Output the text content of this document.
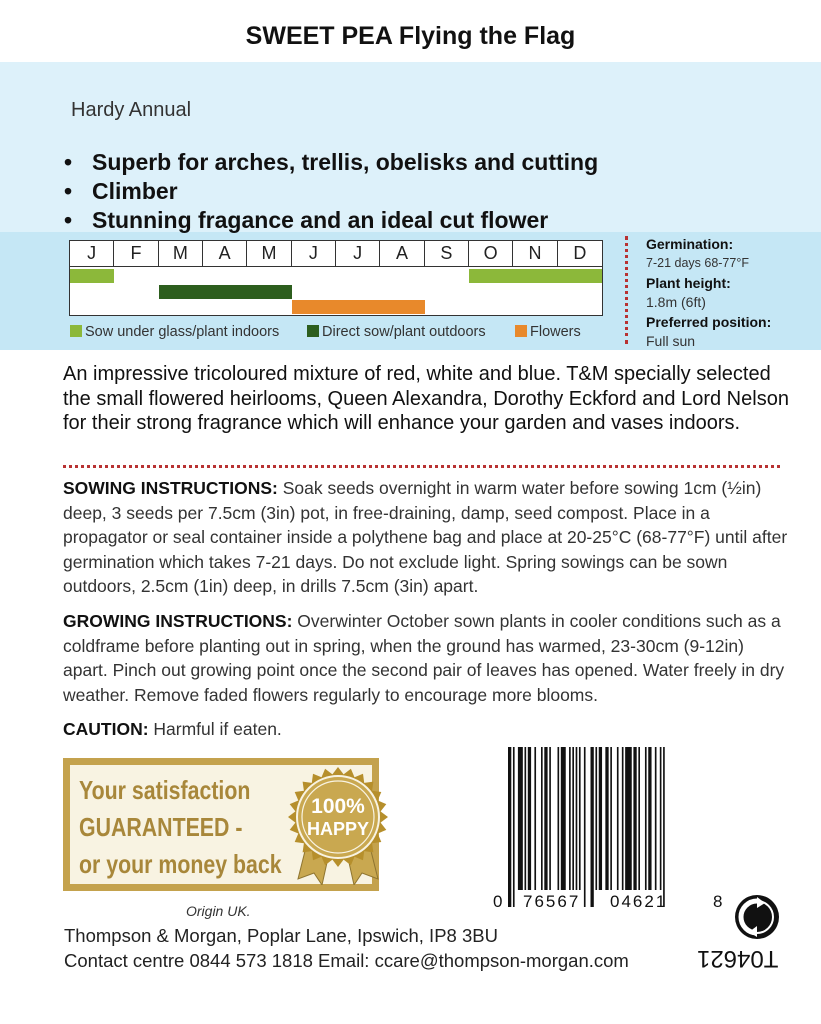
SWEET PEA Flying the Flag
Hardy Annual
• Superb for arches, trellis, obelisks and cutting
• Climber
• Stunning fragance and an ideal cut flower
J	F	M	A	M	J	J	A	S	O	N	D
Sow under glass/plant indoors	Direct sow/plant outdoors	Flowers
Germination:
7-21 days 68-77°F
Plant height:
1.8m (6ft)
Preferred position:
Full sun

An impressive tricoloured mixture of red, white and blue. T&M specially selected the small flowered heirlooms, Queen Alexandra, Dorothy Eckford and Lord Nelson for their strong fragrance which will enhance your garden and vases indoors.

SOWING INSTRUCTIONS: Soak seeds overnight in warm water before sowing 1cm (½in) deep, 3 seeds per 7.5cm (3in) pot, in free-draining, damp, seed compost. Place in a propagator or seal container inside a polythene bag and place at 20-25°C (68-77°F) until after germination which takes 7-21 days. Do not exclude light. Spring sowings can be sown outdoors, 2.5cm (1in) deep, in drills 7.5cm (3in) apart.

GROWING INSTRUCTIONS: Overwinter October sown plants in cooler conditions such as a coldframe before planting out in spring, when the ground has warmed, 23-30cm (9-12in) apart. Pinch out growing point once the second pair of leaves has opened. Water freely in dry weather. Remove faded flowers regularly to encourage more blooms.

CAUTION: Harmful if eaten.

Your satisfaction
GUARANTEED -
or your money back
100%
HAPPY
0 76567 04621	8
T04621
Origin UK.
Thompson & Morgan, Poplar Lane, Ipswich, IP8 3BU
Contact centre 0844 573 1818 Email: ccare@thompson-morgan.com
